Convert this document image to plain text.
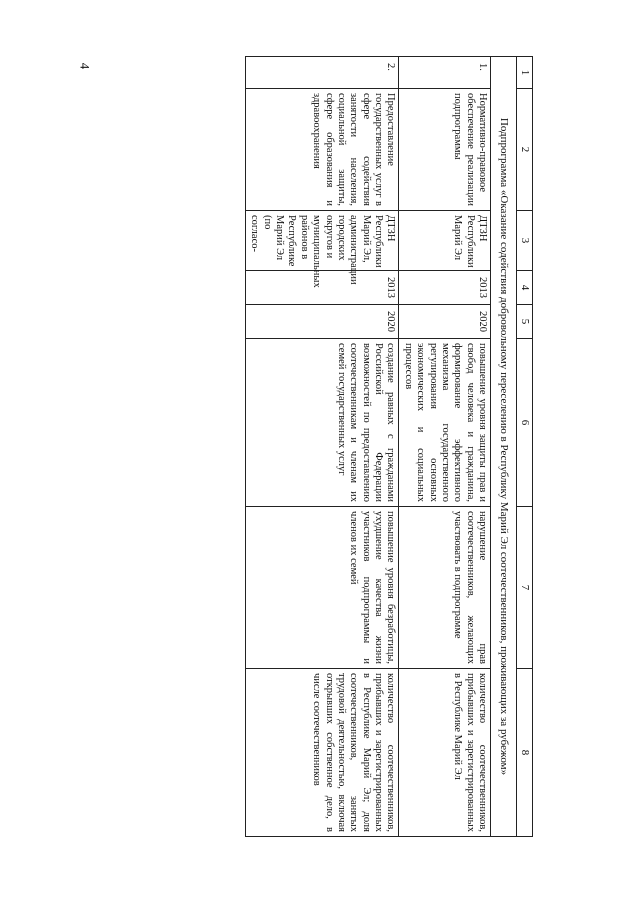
4
1	2	3	4	5	6	7	8
Подпрограмма «Оказание содействия добровольному переселению в Республику Марий Эл соотечественников, проживающих за рубежом»							
1.	Нормативно-правовое обеспечение реализации подпрограммы	ДТЗН Республики Марий Эл	2013	2020	повышение уровня защиты прав и свобод человека и гражданина, формирование эффективного механизма государственного регулирования основных экономических и социальных процессов	нарушение прав соотечественников, желающих участвовать в подпрограмме	количество соотечественников, прибывших и зарегистрированных в Республике Марий Эл
2.	Предоставление государственных услуг в сфере содействия занятости населения, социальной защиты, сфере образования и здравоохранения	ДТЗН Республики Марий Эл, администрации городских округов и муниципальных районов в Республике Марий Эл (по согласо-	2013	2020	создание равных с гражданами Российской Федерации возможностей по предоставлению соотечественникам и членам их семей государственных услуг	повышение уровня безработицы, ухудшение качества жизни участников подпрограммы и членов их семей	количество соотечественников, прибывших и зарегистрированных в Республике Марий Эл; доля соотечественников, занятых трудовой деятельностью, включая открывших собственное дело, в числе соотечественников
